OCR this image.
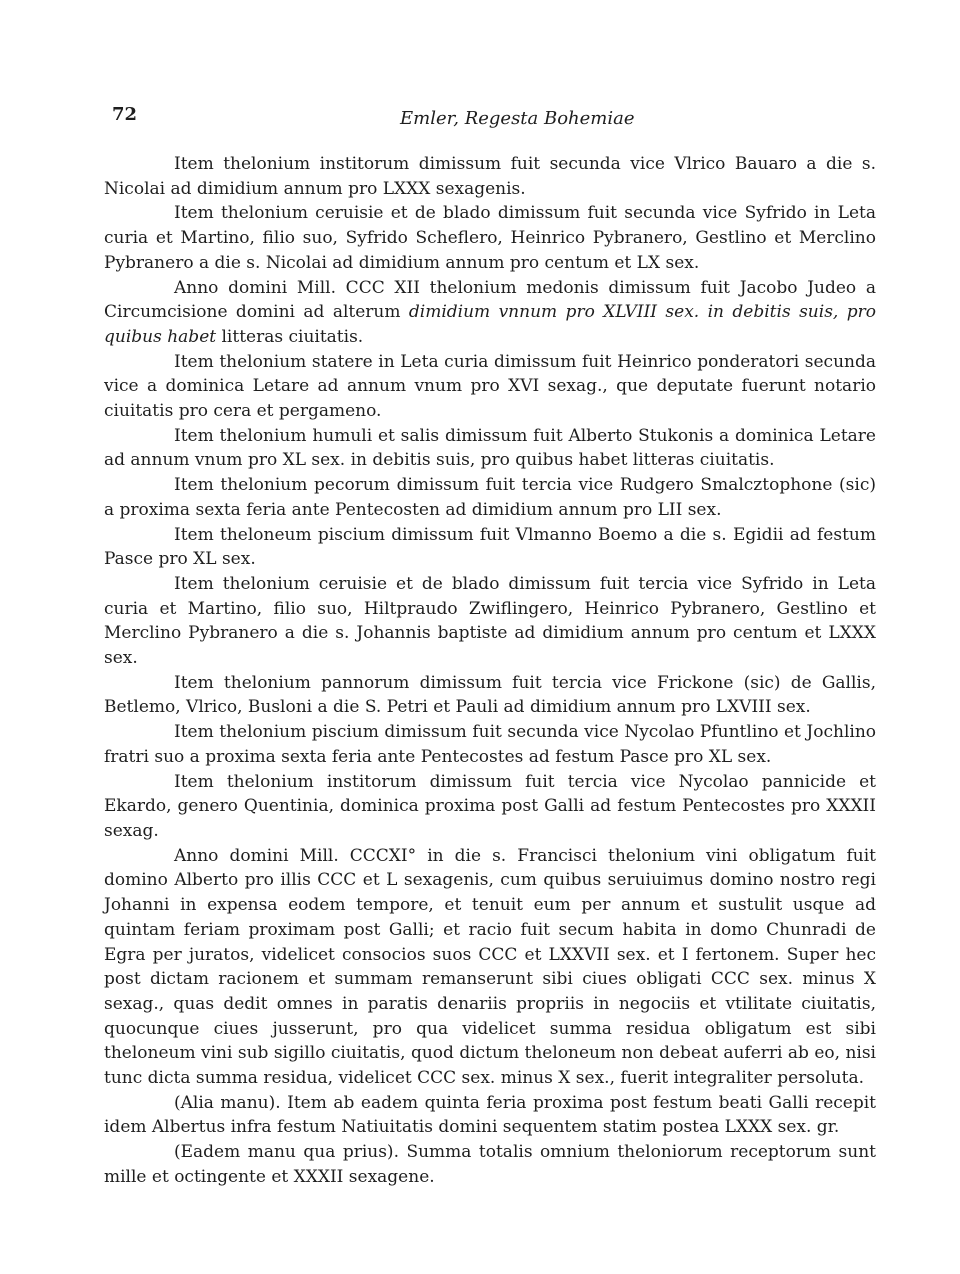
72	Emler, Regesta Bohemiae

Item thelonium institorum dimissum fuit secunda vice Vlrico Bauaro a die s. Nicolai ad dimidium annum pro LXXX sexagenis.

Item thelonium ceruisie et de blado dimissum fuit secunda vice Syfrido in Leta curia et Martino, filio suo, Syfrido Scheflero, Heinrico Pybranero, Gestlino et Merclino Pybranero a die s. Nicolai ad dimidium annum pro centum et LX sex.

Anno domini Mill. CCC XII thelonium medonis dimissum fuit Jacobo Judeo a Circumcisione domini ad alterum dimidium vnnum pro XLVIII sex. in debitis suis, pro quibus habet litteras ciuitatis.

Item thelonium statere in Leta curia dimissum fuit Heinrico ponderatori secunda vice a dominica Letare ad annum vnum pro XVI sexag., que deputate fuerunt notario ciuitatis pro cera et pergameno.

Item thelonium humuli et salis dimissum fuit Alberto Stukonis a dominica Letare ad annum vnum pro XL sex. in debitis suis, pro quibus habet litteras ciuitatis.

Item thelonium pecorum dimissum fuit tercia vice Rudgero Smalcztophone (sic) a proxima sexta feria ante Pentecosten ad dimidium annum pro LII sex.

Item theloneum piscium dimissum fuit Vlmanno Boemo a die s. Egidii ad festum Pasce pro XL sex.

Item thelonium ceruisie et de blado dimissum fuit tercia vice Syfrido in Leta curia et Martino, filio suo, Hiltpraudo Zwiflingero, Heinrico Pybranero, Gestlino et Merclino Pybranero a die s. Johannis baptiste ad dimidium annum pro centum et LXXX sex.

Item thelonium pannorum dimissum fuit tercia vice Frickone (sic) de Gallis, Betlemo, Vlrico, Busloni a die S. Petri et Pauli ad dimidium annum pro LXVIII sex.

Item thelonium piscium dimissum fuit secunda vice Nycolao Pfuntlino et Jochlino fratri suo a proxima sexta feria ante Pentecostes ad festum Pasce pro XL sex.

Item thelonium institorum dimissum fuit tercia vice Nycolao pannicide et Ekardo, genero Quentinia, dominica proxima post Galli ad festum Pentecostes pro XXXII sexag.

Anno domini Mill. CCCXI° in die s. Francisci thelonium vini obligatum fuit domino Alberto pro illis CCC et L sexagenis, cum quibus seruiuimus domino nostro regi Johanni in expensa eodem tempore, et tenuit eum per annum et sustulit usque ad quintam feriam proximam post Galli; et racio fuit secum habita in domo Chunradi de Egra per juratos, videlicet consocios suos CCC et LXXVII sex. et I fertonem. Super hec post dictam racionem et summam remanserunt sibi ciues obligati CCC sex. minus X sexag., quas dedit omnes in paratis denariis propriis in negociis et vtilitate ciuitatis, quocunque ciues jusserunt, pro qua videlicet summa residua obligatum est sibi theloneum vini sub sigillo ciuitatis, quod dictum theloneum non debeat auferri ab eo, nisi tunc dicta summa residua, videlicet CCC sex. minus X sex., fuerit integraliter persoluta.

(Alia manu). Item ab eadem quinta feria proxima post festum beati Galli recepit idem Albertus infra festum Natiuitatis domini sequentem statim postea LXXX sex. gr.

(Eadem manu qua prius). Summa totalis omnium theloniorum receptorum sunt mille et octingente et XXXII sexagene.
